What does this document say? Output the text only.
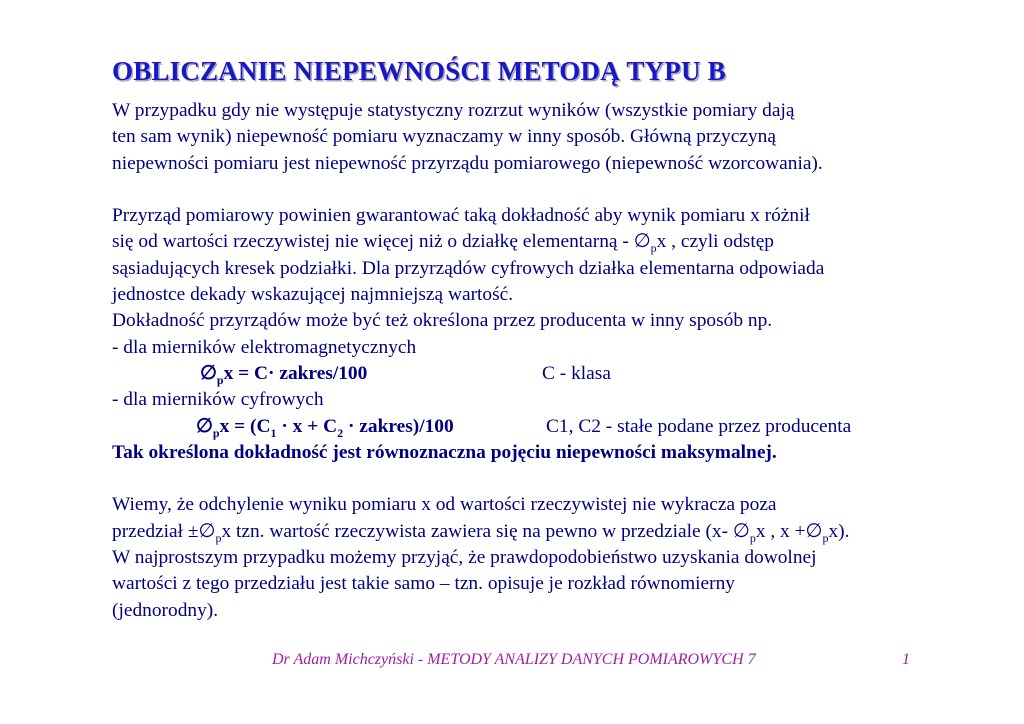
OBLICZANIE NIEPEWNOŚCI METODĄ TYPU B
W przypadku gdy nie występuje statystyczny rozrzut wyników (wszystkie pomiary dają
ten sam wynik) niepewność pomiaru wyznaczamy w inny sposób. Główną przyczyną
niepewności pomiaru jest niepewność przyrządu pomiarowego (niepewność wzorcowania).
Przyrząd pomiarowy powinien gwarantować taką dokładność aby wynik pomiaru x różnił
się od wartości rzeczywistej nie więcej niż o działkę elementarną - $\emptyset_px$ , czyli odstęp
sąsiadujących kresek podziałki. Dla przyrządów cyfrowych działka elementarna odpowiada
jednostce dekady wskazującej najmniejszą wartość.
Dokładność przyrządów może być też określona przez producenta w inny sposób np.
- dla mierników elektromagnetycznych
$\emptyset_px = C\cdot$ zakres/100	C - klasa
- dla mierników cyfrowych
$\emptyset_px = (C_1 \cdot x + C_2$ · zakres)/100	C1, C2 - stałe podane przez producenta
Tak określona dokładność jest równoznaczna pojęciu niepewności maksymalnej.
Wiemy, że odchylenie wyniku pomiaru x od wartości rzeczywistej nie wykracza poza
przedział $\pm\emptyset_px$ tzn. wartość rzeczywista zawiera się na pewno w przedziale (x- $\emptyset_px$ , $x +\emptyset_px$).
W najprostszym przypadku możemy przyjąć, że prawdopodobieństwo uzyskania dowolnej
wartości z tego przedziału jest takie samo – tzn. opisuje je rozkład równomierny
(jednorodny).
Dr Adam Michczyński - METODY ANALIZY DANYCH POMIAROWYCH 7	1
